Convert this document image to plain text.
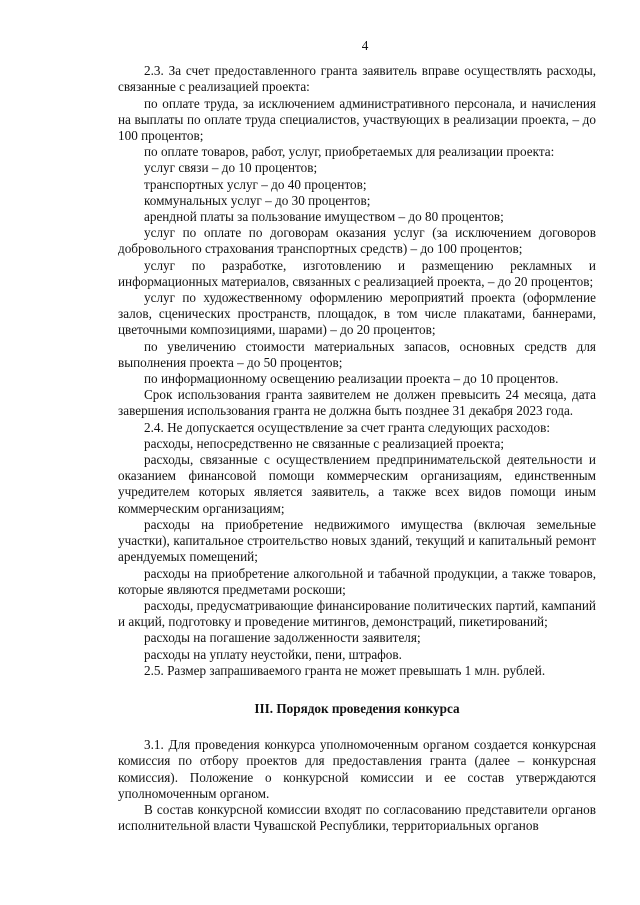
4

2.3. За счет предоставленного гранта заявитель вправе осуществлять расходы, связанные с реализацией проекта:

по оплате труда, за исключением административного персонала, и начисления на выплаты по оплате труда специалистов, участвующих в реализации проекта, – до 100 процентов;

по оплате товаров, работ, услуг, приобретаемых для реализации проекта:

услуг связи – до 10 процентов;

транспортных услуг – до 40 процентов;

коммунальных услуг – до 30 процентов;

арендной платы за пользование имуществом – до 80 процентов;

услуг по оплате по договорам оказания услуг (за исключением договоров добровольного страхования транспортных средств) – до 100 процентов;

услуг по разработке, изготовлению и размещению рекламных и информационных материалов, связанных с реализацией проекта, – до 20 процентов;

услуг по художественному оформлению мероприятий проекта (оформление залов, сценических пространств, площадок, в том числе плакатами, баннерами, цветочными композициями, шарами) – до 20 процентов;

по увеличению стоимости материальных запасов, основных средств для выполнения проекта – до 50 процентов;

по информационному освещению реализации проекта – до 10 процентов.

Срок использования гранта заявителем не должен превысить 24 месяца, дата завершения использования гранта не должна быть позднее 31 декабря 2023 года.

2.4. Не допускается осуществление за счет гранта следующих расходов:

расходы, непосредственно не связанные с реализацией проекта;

расходы, связанные с осуществлением предпринимательской деятельности и оказанием финансовой помощи коммерческим организациям, единственным учредителем которых является заявитель, а также всех видов помощи иным коммерческим организациям;

расходы на приобретение недвижимого имущества (включая земельные участки), капитальное строительство новых зданий, текущий и капитальный ремонт арендуемых помещений;

расходы на приобретение алкогольной и табачной продукции, а также товаров, которые являются предметами роскоши;

расходы, предусматривающие финансирование политических партий, кампаний и акций, подготовку и проведение митингов, демонстраций, пикетирований;

расходы на погашение задолженности заявителя;

расходы на уплату неустойки, пени, штрафов.

2.5. Размер запрашиваемого гранта не может превышать 1 млн. рублей.

III. Порядок проведения конкурса

3.1. Для проведения конкурса уполномоченным органом создается конкурсная комиссия по отбору проектов для предоставления гранта (далее – конкурсная комиссия). Положение о конкурсной комиссии и ее состав утверждаются уполномоченным органом.

В состав конкурсной комиссии входят по согласованию представители органов исполнительной власти Чувашской Республики, территориальных органов
